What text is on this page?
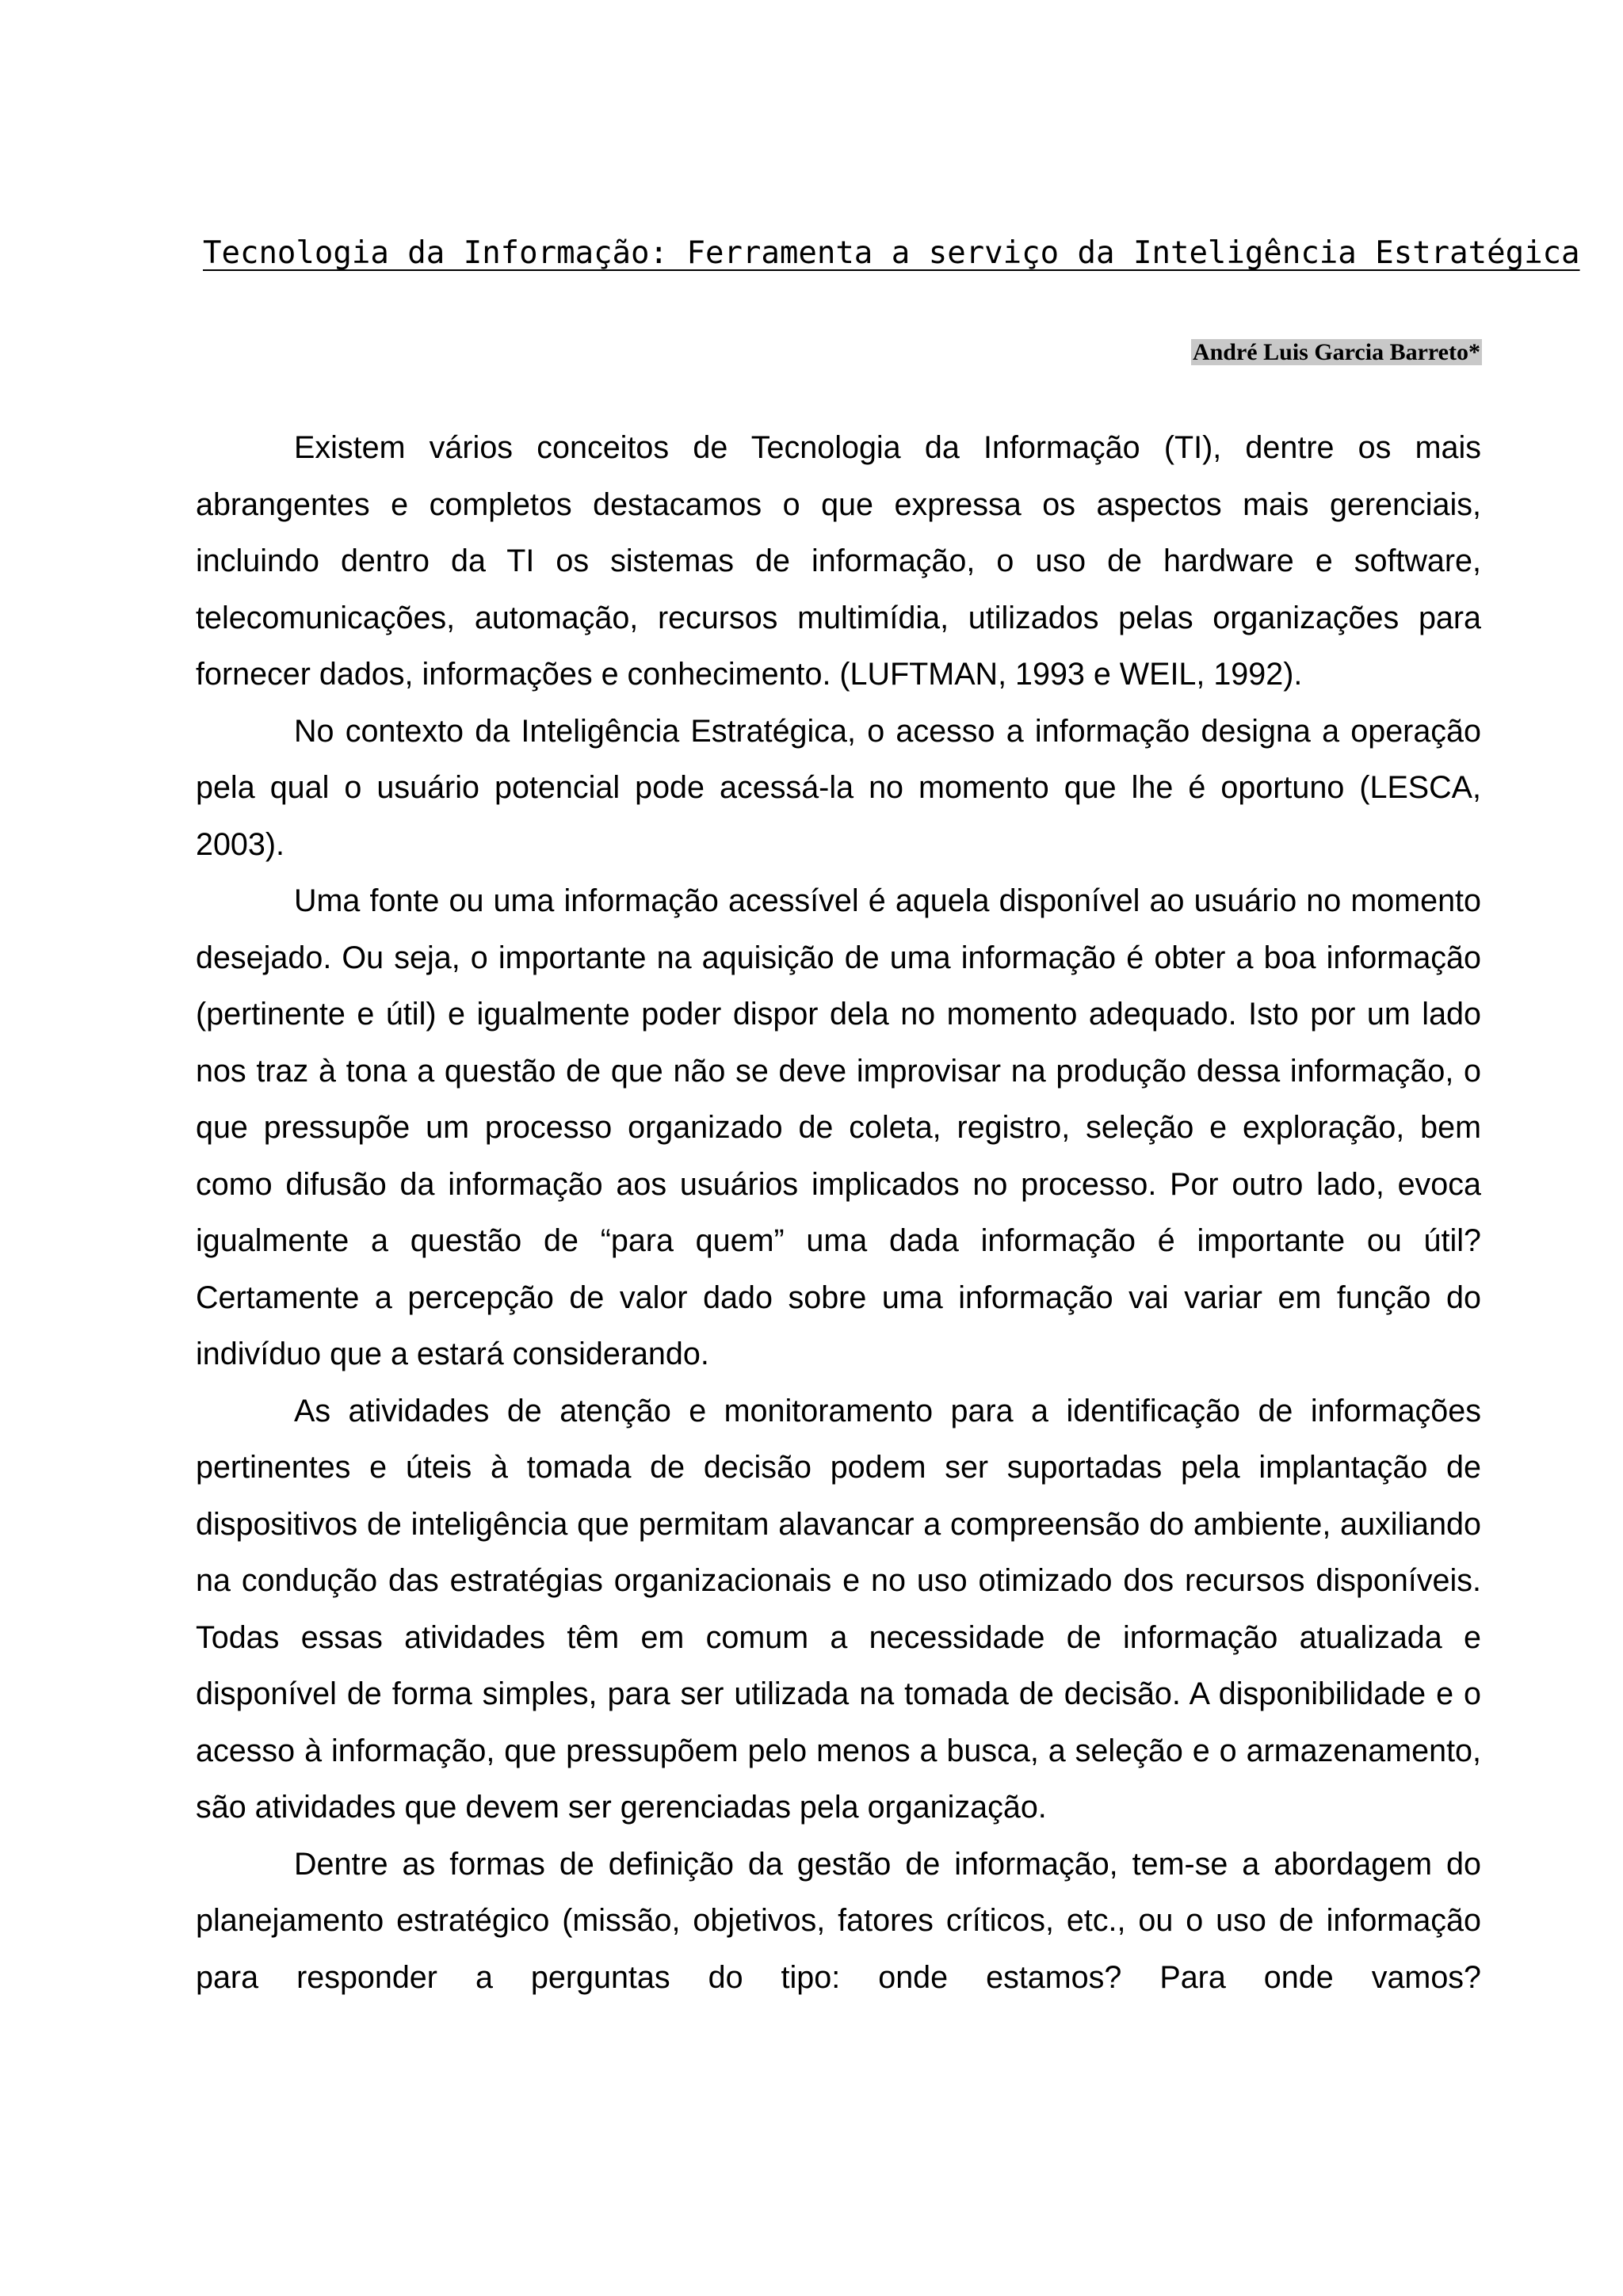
Tecnologia da Informação: Ferramenta a serviço da Inteligência Estratégica
André Luis Garcia Barreto*

Existem vários conceitos de Tecnologia da Informação (TI), dentre os mais abrangentes e completos destacamos o que expressa os aspectos mais gerenciais, incluindo dentro da TI os sistemas de informação, o uso de hardware e software, telecomunicações, automação, recursos multimídia, utilizados pelas organizações para fornecer dados, informações e conhecimento. (LUFTMAN, 1993 e WEIL, 1992).

No contexto da Inteligência Estratégica, o acesso a informação designa a operação pela qual o usuário potencial pode acessá-la no momento que lhe é oportuno (LESCA, 2003).

Uma fonte ou uma informação acessível é aquela disponível ao usuário no momento desejado. Ou seja, o importante na aquisição de uma informação é obter a boa informação (pertinente e útil) e igualmente poder dispor dela no momento adequado. Isto por um lado nos traz à tona a questão de que não se deve improvisar na produção dessa informação, o que pressupõe um processo organizado de coleta, registro, seleção e exploração, bem como difusão da informação aos usuários implicados no processo. Por outro lado, evoca igualmente a questão de “para quem” uma dada informação é importante ou útil? Certamente a percepção de valor dado sobre uma informação vai variar em função do indivíduo que a estará considerando.

As atividades de atenção e monitoramento para a identificação de informações pertinentes e úteis à tomada de decisão podem ser suportadas pela implantação de dispositivos de inteligência que permitam alavancar a compreensão do ambiente, auxiliando na condução das estratégias organizacionais e no uso otimizado dos recursos disponíveis. Todas essas atividades têm em comum a necessidade de informação atualizada e disponível de forma simples, para ser utilizada na tomada de decisão. A disponibilidade e o acesso à informação, que pressupõem pelo menos a busca, a seleção e o armazenamento, são atividades que devem ser gerenciadas pela organização.

Dentre as formas de definição da gestão de informação, tem-se a abordagem do planejamento estratégico (missão, objetivos, fatores críticos, etc., ou o uso de informação para responder a perguntas do tipo: onde estamos? Para onde vamos?
